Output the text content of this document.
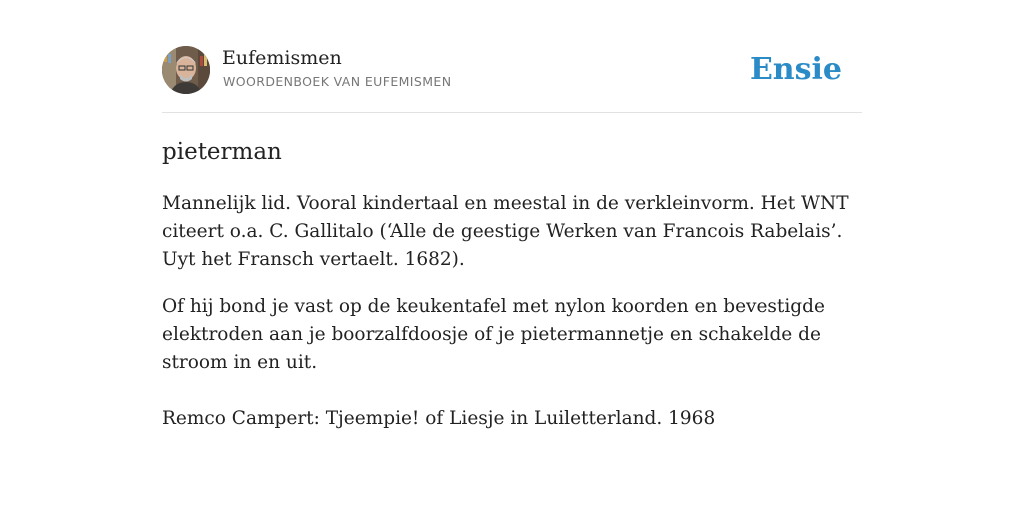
Eufemismen
WOORDENBOEK VAN EUFEMISMEN	Ensie
pieterman

Mannelijk lid. Vooral kindertaal en meestal in de verkleinvorm. Het WNT citeert o.a. C. Gallitalo (‘Alle de geestige Werken van Francois Rabelais’. Uyt het Fransch vertaelt. 1682).

Of hij bond je vast op de keukentafel met nylon koorden en bevestigde elektroden aan je boorzalfdoosje of je pietermannetje en schakelde de stroom in en uit.

Remco Campert: Tjeempie! of Liesje in Luiletterland. 1968
